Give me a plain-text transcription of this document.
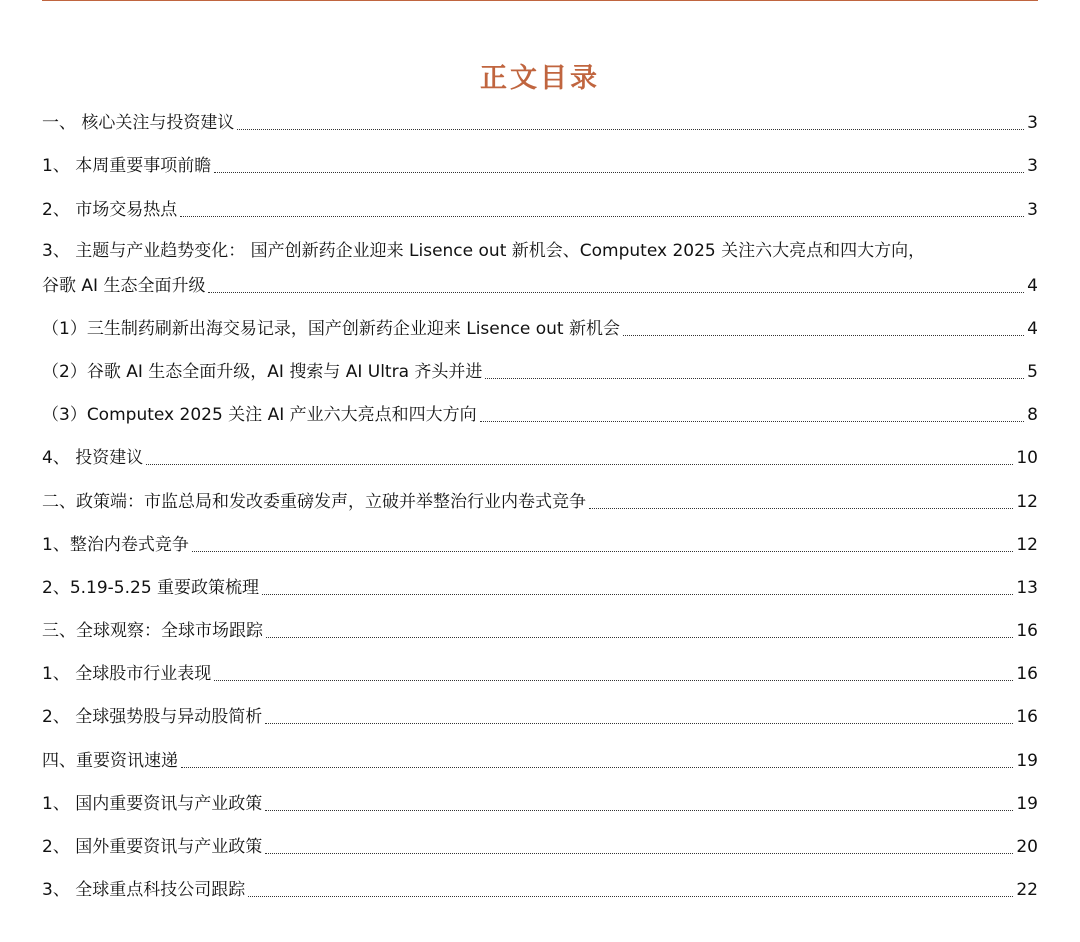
正文目录
一、 核心关注与投资建议	3
1、 本周重要事项前瞻	3
2、 市场交易热点	3
3、 主题与产业趋势变化： 国产创新药企业迎来 Lisence out 新机会、Computex 2025 关注六大亮点和四大方向，
谷歌 AI 生态全面升级	4
（1）三生制药刷新出海交易记录，国产创新药企业迎来 Lisence out 新机会	4
（2）谷歌 AI 生态全面升级，AI 搜索与 AI Ultra 齐头并进	5
（3）Computex 2025 关注 AI 产业六大亮点和四大方向	8
4、 投资建议	10
二、政策端：市监总局和发改委重磅发声，立破并举整治行业内卷式竞争	12
1、整治内卷式竞争	12
2、5.19-5.25 重要政策梳理	13
三、全球观察：全球市场跟踪	16
1、 全球股市行业表现	16
2、 全球强势股与异动股简析	16
四、重要资讯速递	19
1、 国内重要资讯与产业政策	19
2、 国外重要资讯与产业政策	20
3、 全球重点科技公司跟踪	22
